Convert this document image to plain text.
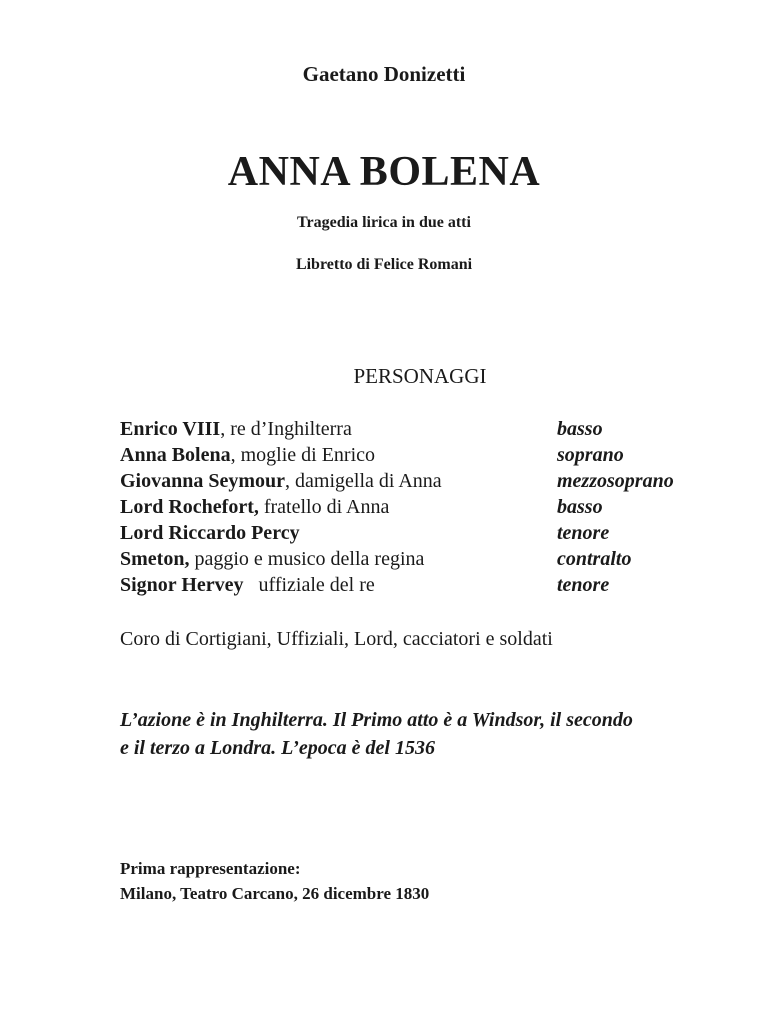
Gaetano Donizetti
ANNA BOLENA
Tragedia lirica in due atti
Libretto di Felice Romani
PERSONAGGI
Enrico VIII, re d’Inghilterra	basso
Anna Bolena, moglie di Enrico	soprano
Giovanna Seymour, damigella di Anna	mezzosoprano
Lord Rochefort, fratello di Anna	basso
Lord Riccardo Percy	tenore
Smeton, paggio e musico della regina	contralto
Signor Hervey   uffiziale del re	tenore
Coro di Cortigiani, Uffiziali, Lord, cacciatori e soldati
L’azione è in Inghilterra. Il Primo atto è a Windsor, il secondo
e il terzo a Londra. L’epoca è del 1536
Prima rappresentazione:
Milano, Teatro Carcano, 26 dicembre 1830
